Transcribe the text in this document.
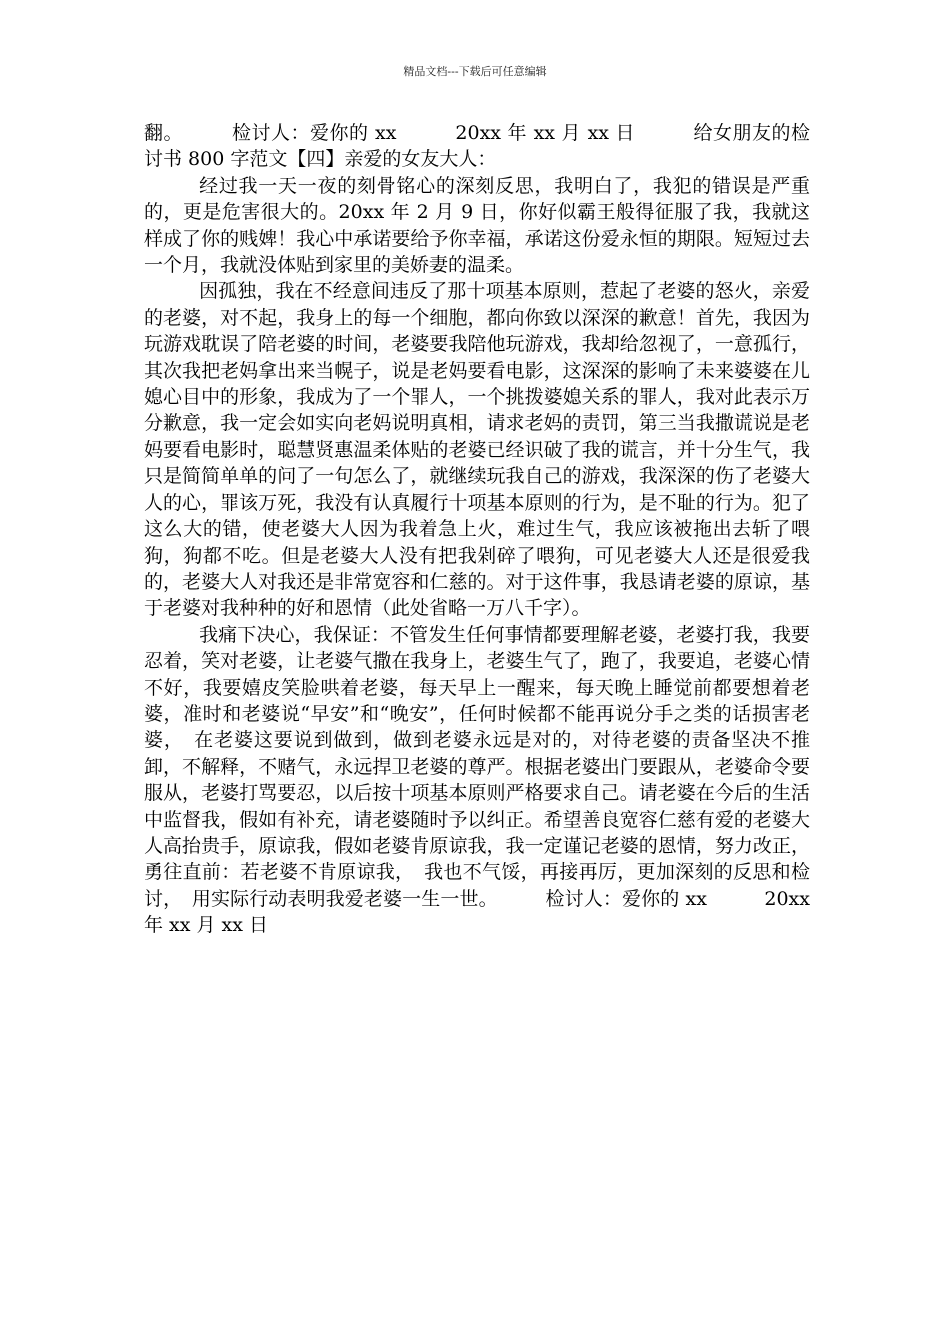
精品文档---下载后可任意编辑

翻。　　　检讨人：爱你的 xx　　　20xx 年 xx 月 xx 日　　　给女朋友的检讨书 800 字范文【四】亲爱的女友大人：

经过我一天一夜的刻骨铭心的深刻反思，我明白了，我犯的错误是严重的，更是危害很大的。20xx 年 2 月 9 日，你好似霸王般得征服了我，我就这样成了你的贱婢！我心中承诺要给予你幸福，承诺这份爱永恒的期限。短短过去一个月，我就没体贴到家里的美娇妻的温柔。

因孤独，我在不经意间违反了那十项基本原则，惹起了老婆的怒火，亲爱的老婆，对不起，我身上的每一个细胞，都向你致以深深的歉意！首先，我因为玩游戏耽误了陪老婆的时间，老婆要我陪他玩游戏，我却给忽视了，一意孤行，其次我把老妈拿出来当幌子，说是老妈要看电影，这深深的影响了未来婆婆在儿媳心目中的形象，我成为了一个罪人，一个挑拨婆媳关系的罪人，我对此表示万分歉意，我一定会如实向老妈说明真相，请求老妈的责罚，第三当我撒谎说是老妈要看电影时，聪慧贤惠温柔体贴的老婆已经识破了我的谎言，并十分生气，我只是简简单单的问了一句怎么了，就继续玩我自己的游戏，我深深的伤了老婆大人的心，罪该万死，我没有认真履行十项基本原则的行为，是不耻的行为。犯了这么大的错，使老婆大人因为我着急上火，难过生气，我应该被拖出去斩了喂狗，狗都不吃。但是老婆大人没有把我剁碎了喂狗，可见老婆大人还是很爱我的，老婆大人对我还是非常宽容和仁慈的。对于这件事，我恳请老婆的原谅，基于老婆对我种种的好和恩情（此处省略一万八千字）。

我痛下决心，我保证：不管发生任何事情都要理解老婆，老婆打我，我要忍着，笑对老婆，让老婆气撒在我身上，老婆生气了，跑了，我要追，老婆心情不好，我要嬉皮笑脸哄着老婆，每天早上一醒来，每天晚上睡觉前都要想着老婆，准时和老婆说“早安”和“晚安”，任何时候都不能再说分手之类的话损害老婆，　在老婆这要说到做到，做到老婆永远是对的，对待老婆的责备坚决不推卸，不解释，不赌气，永远捍卫老婆的尊严。根据老婆出门要跟从，老婆命令要服从，老婆打骂要忍，以后按十项基本原则严格要求自己。请老婆在今后的生活中监督我，假如有补充，请老婆随时予以纠正。希望善良宽容仁慈有爱的老婆大人高抬贵手，原谅我，假如老婆肯原谅我，我一定谨记老婆的恩情，努力改正，勇往直前：若老婆不肯原谅我，　我也不气馁，再接再厉，更加深刻的反思和检讨，　用实际行动表明我爱老婆一生一世。　　　检讨人：爱你的 xx　　　20xx 年 xx 月 xx 日
